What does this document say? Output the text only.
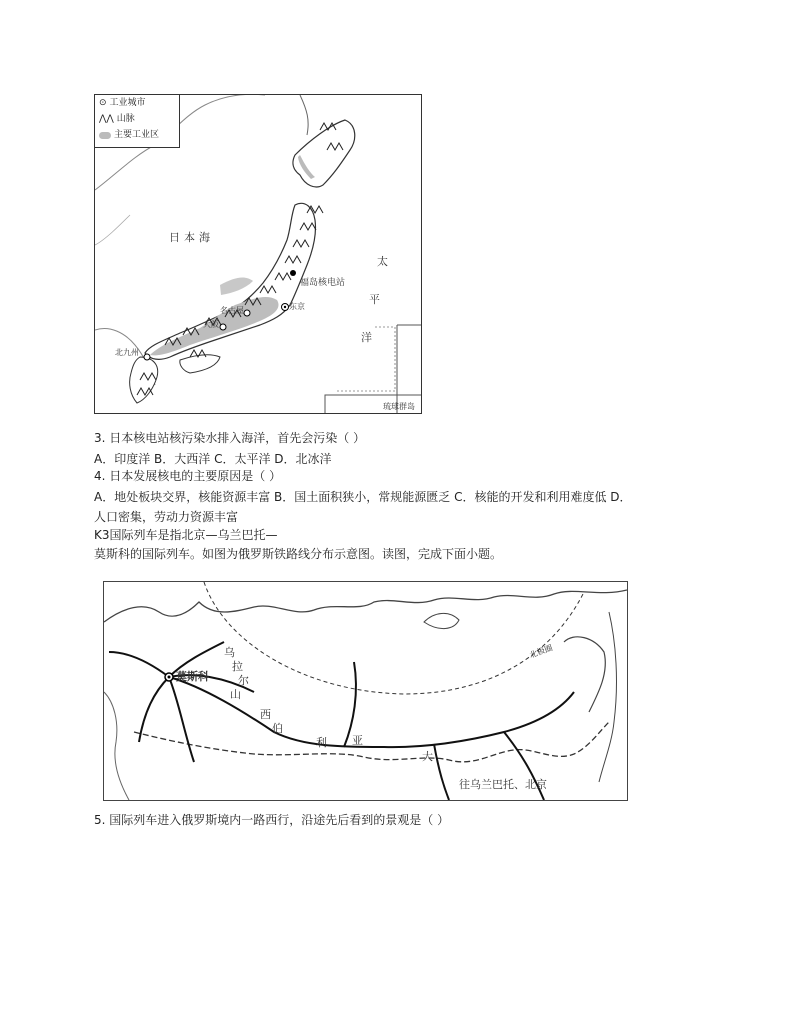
⊙ 工业城市
⋀⋀ 山脉
主要工业区
日本海
太
平
洋
福岛核电站
东京
名古屋
大阪
北九州
琉球群岛
3. 日本核电站核污染水排入海洋，首先会污染（ ）
A．印度洋 B．大西洋 C．太平洋 D．北冰洋
4. 日本发展核电的主要原因是（ ）
A．地处板块交界，核能资源丰富 B．国土面积狭小，常规能源匮乏 C．核能的开发和利用难度低 D．
人口密集，劳动力资源丰富
K3国际列车是指北京—乌兰巴托—
莫斯科的国际列车。如图为俄罗斯铁路线分布示意图。读图，完成下面小题。
莫斯科
乌
拉
尔
山
西
伯
利 亚
北极圈
大
往乌兰巴托、北京
5. 国际列车进入俄罗斯境内一路西行，沿途先后看到的景观是（ ）
